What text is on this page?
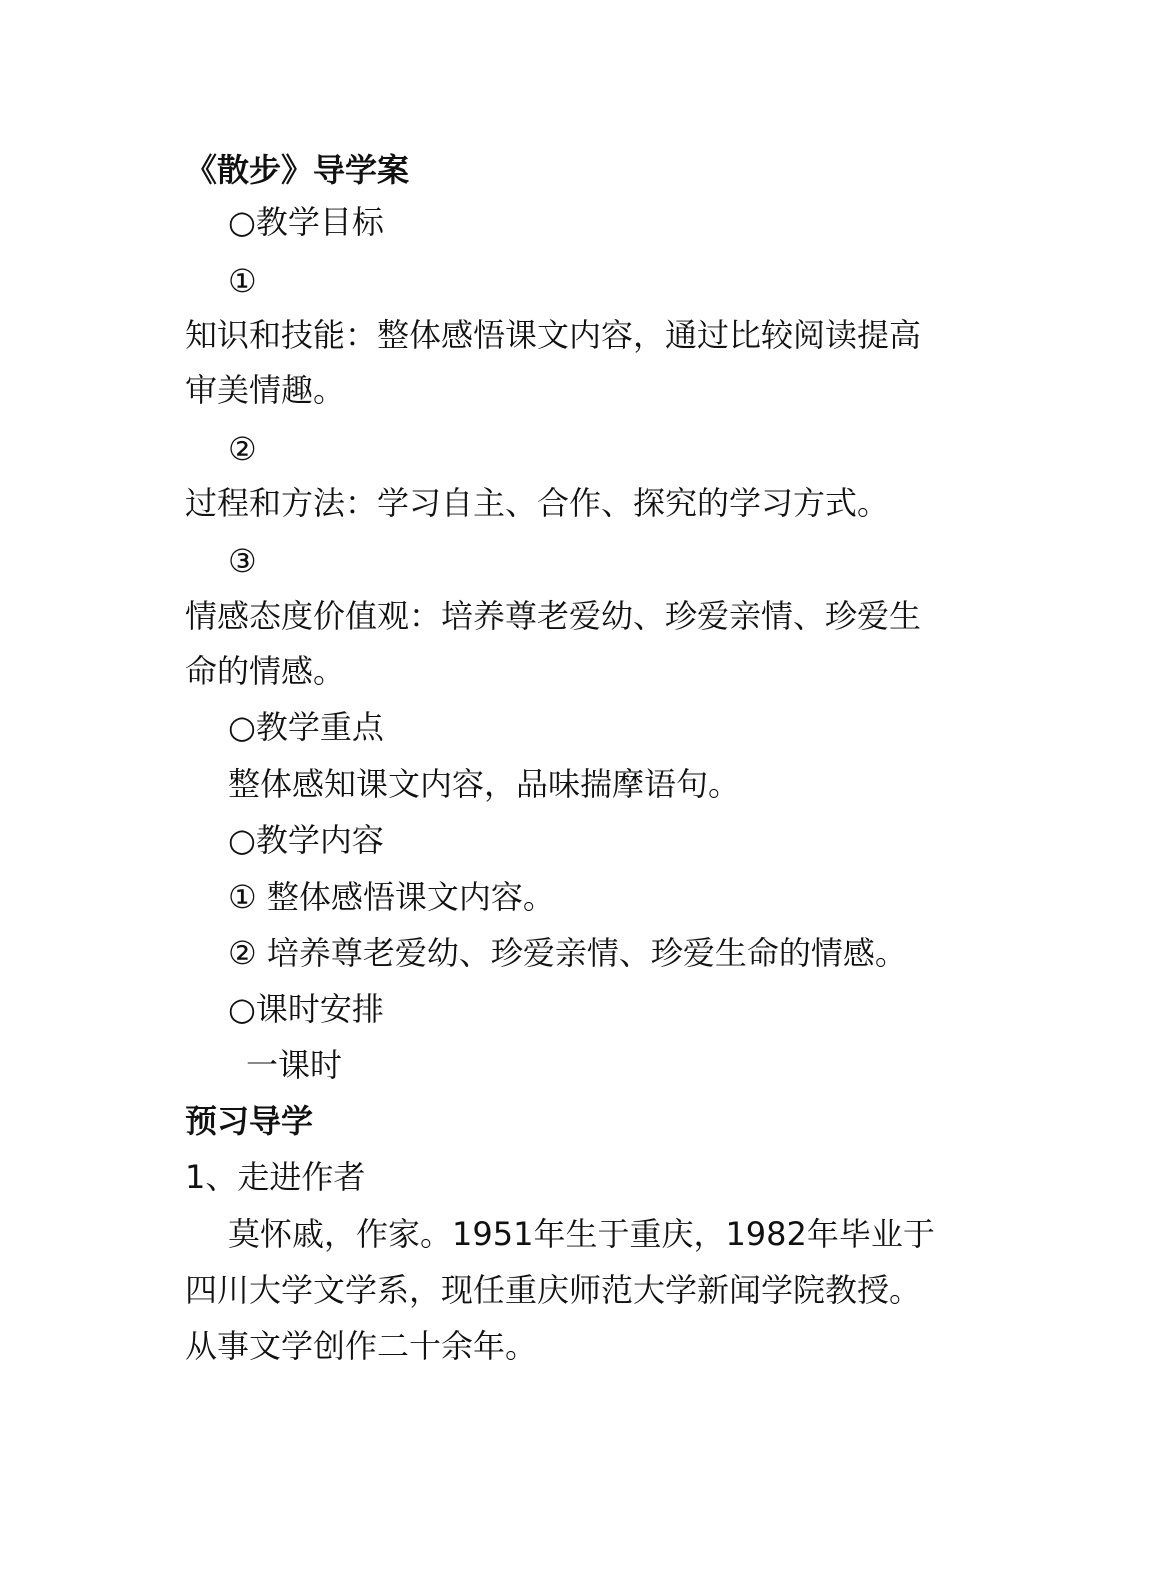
《散步》导学案
○教学目标
①
知识和技能：整体感悟课文内容，通过比较阅读提高
审美情趣。
②
过程和方法：学习自主、合作、探究的学习方式。
③
情感态度价值观：培养尊老爱幼、珍爱亲情、珍爱生
命的情感。
○教学重点
整体感知课文内容，品味揣摩语句。
○教学内容
① 整体感悟课文内容。
② 培养尊老爱幼、珍爱亲情、珍爱生命的情感。
○课时安排
一课时
预习导学
1、走进作者
莫怀戚，作家。1951年生于重庆，1982年毕业于
四川大学文学系，现任重庆师范大学新闻学院教授。
从事文学创作二十余年。
